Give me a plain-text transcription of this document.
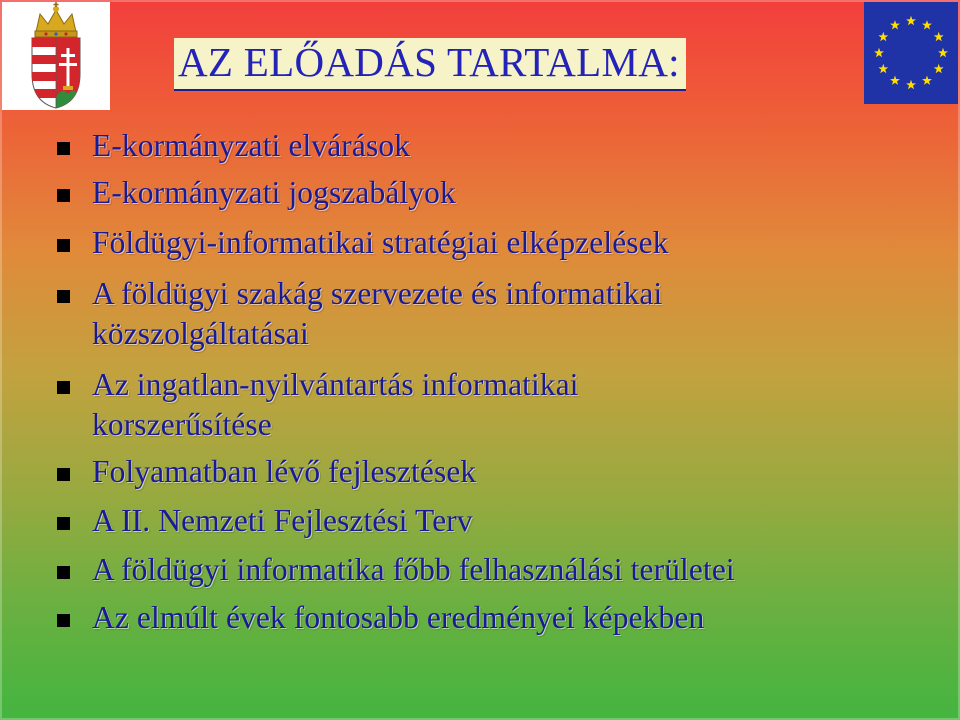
AZ ELŐADÁS TARTALMA:

E-kormányzati elvárások

E-kormányzati jogszabályok

Földügyi-informatikai stratégiai elképzelések

A földügyi szakág szervezete és informatikai

közszolgáltatásai

Az ingatlan-nyilvántartás informatikai

korszerűsítése

Folyamatban lévő fejlesztések

A II. Nemzeti Fejlesztési Terv

A földügyi informatika főbb felhasználási területei

Az elmúlt évek fontosabb eredményei képekben
